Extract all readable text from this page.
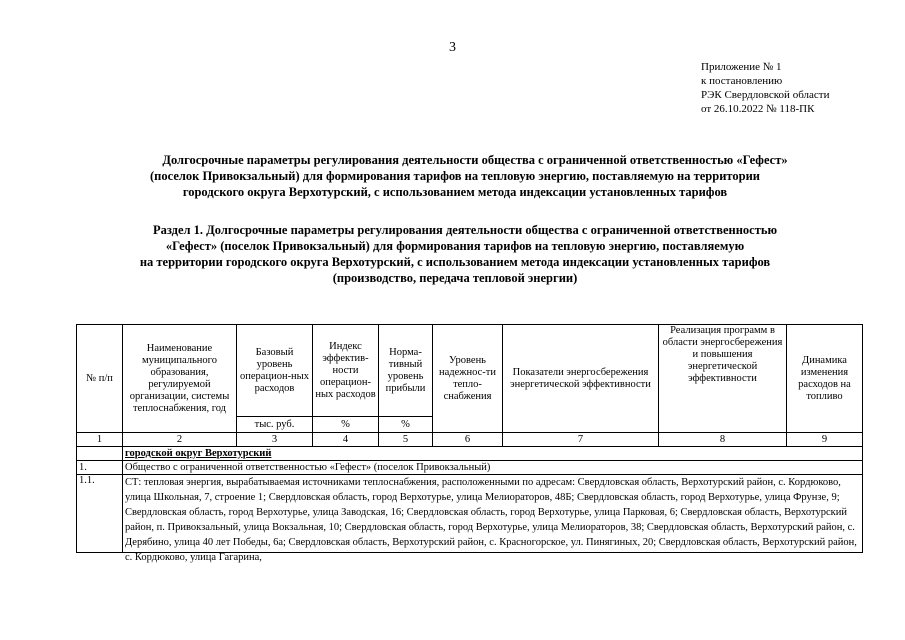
3
Приложение № 1
к постановлению
РЭК Свердловской области
от 26.10.2022 № 118-ПК
Долгосрочные параметры регулирования деятельности общества с ограниченной ответственностью «Гефест»
(поселок Привокзальный) для формирования тарифов на тепловую энергию, поставляемую на территории
городского округа Верхотурский, с использованием метода индексации установленных тарифов
Раздел 1. Долгосрочные параметры регулирования деятельности общества с ограниченной ответственностью
«Гефест» (поселок Привокзальный) для формирования тарифов на тепловую энергию, поставляемую
на территории городского округа Верхотурский, с использованием метода индексации установленных тарифов
(производство, передача тепловой энергии)
№ п/п	Наименование муниципального образования, регулируемой организации, системы теплоснабжения, год	Базовый уровень операцион-ных расходов	Индекс эффектив-ности операцион-ных расходов	Норма-тивный уровень прибыли	Уровень надежнос-ти тепло-снабжения	Показатели энергосбережения энергетической эффективности	Реализация программ в области энергосбережения и повышения энергетической эффективности	Динамика изменения расходов на топливо
		тыс. руб.	%	%				
1	2	3	4	5	6	7	8	9
	городской округ Верхотурский							
1.	Общество с ограниченной ответственностью «Гефест» (поселок Привокзальный)							
1.1.	СТ: тепловая энергия, вырабатываемая источниками теплоснабжения, расположенными по адресам: Свердловская область, Верхотурский район, с. Кордюково, улица Школьная, 7, строение 1; Свердловская область, город Верхотурье, улица Мелиораторов, 48Б; Свердловская область, город Верхотурье, улица Фрунзе, 9; Свердловская область, город Верхотурье, улица Заводская, 16; Свердловская область, город Верхотурье, улица Парковая, 6; Свердловская область, Верхотурский район, п. Привокзальный, улица Вокзальная, 10; Свердловская область, город Верхотурье, улица Мелиораторов, 38; Свердловская область, Верхотурский район, с. Дерябино, улица 40 лет Победы, 6а; Свердловская область, Верхотурский район, с. Красногорское, ул. Пинягиных, 20; Свердловская область, Верхотурский район, с. Кордюково, улица Гагарина,							
